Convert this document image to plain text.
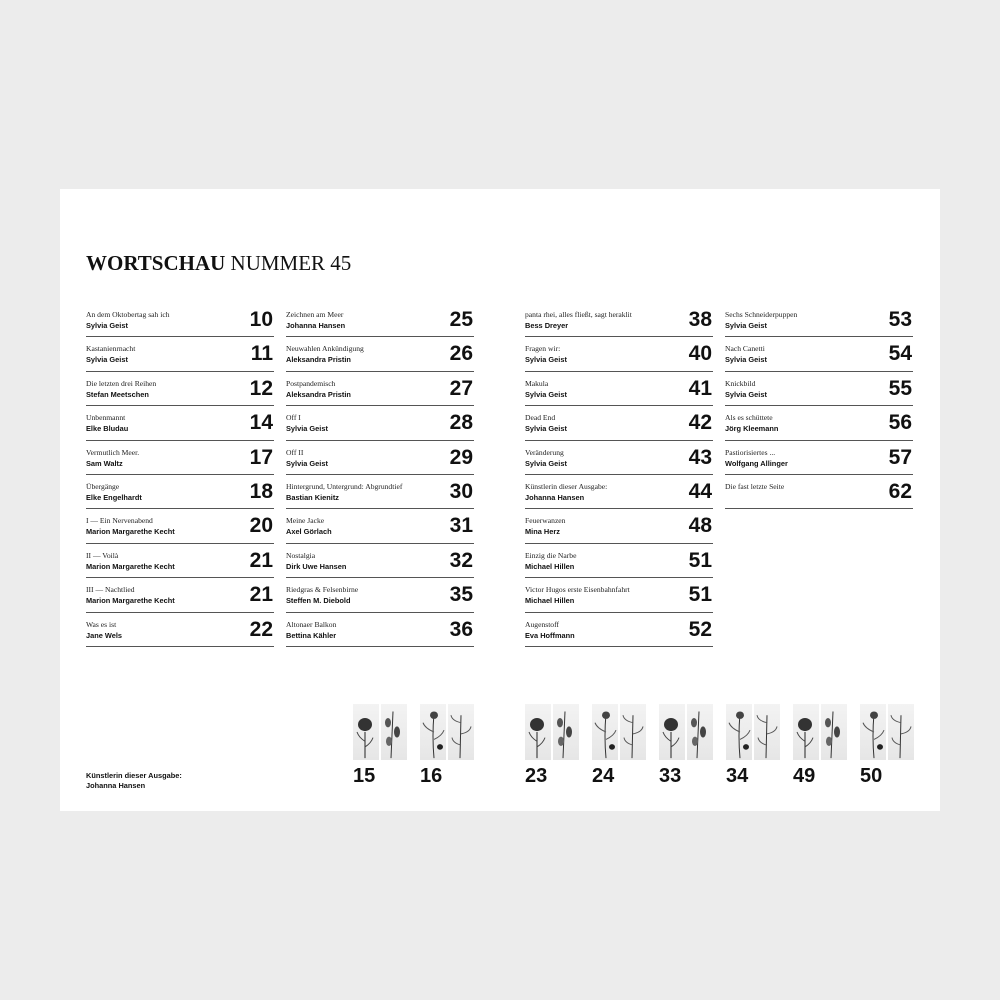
WORTSCHAU NUMMER 45
An dem Oktobertag sah ich
Sylvia Geist	10
Kastanienrnacht
Sylvia Geist	11
Die letzten drei Reihen
Stefan Meetschen	12
Unbenmannt
Elke Bludau	14
Vermutlich Meer.
Sam Waltz	17
Übergänge
Elke Engelhardt	18
I — Ein Nervenabend
Marion Margarethe Kecht	20
II — Voilà
Marion Margarethe Kecht	21
III — Nachtlied
Marion Margarethe Kecht	21
Was es ist
Jane Wels	22
Zeichnen am Meer
Johanna Hansen	25
Neuwahlen Ankündigung
Aleksandra Pristin	26
Postpandemisch
Aleksandra Pristin	27
Off I
Sylvia Geist	28
Off II
Sylvia Geist	29
Hintergrund, Untergrund: Abgrundtief
Bastian Kienitz	30
Meine Jacke
Axel Görlach	31
Nostalgia
Dirk Uwe Hansen	32
Riedgras & Felsenbirne
Steffen M. Diebold	35
Altonaer Balkon
Bettina Kähler	36
panta rhei, alles fließt, sagt heraklit
Bess Dreyer	38
Fragen wir:
Sylvia Geist	40
Makula
Sylvia Geist	41
Dead End
Sylvia Geist	42
Veränderung
Sylvia Geist	43
Künstlerin dieser Ausgabe:
Johanna Hansen	44
Feuerwanzen
Mina Herz	48
Einzig die Narbe
Michael Hillen	51
Victor Hugos erste Eisenbahnfahrt
Michael Hillen	51
Augenstoff
Eva Hoffmann	52
Sechs Schneiderpuppen
Sylvia Geist	53
Nach Canetti
Sylvia Geist	54
Knickbild
Sylvia Geist	55
Als es schüttete
Jörg Kleemann	56
Pastiorisiertes ...
Wolfgang Allinger	57
Die fast letzte Seite	62
Künstlerin dieser Ausgabe:
Johanna Hansen	15	16	23	24	33	34	49	50
